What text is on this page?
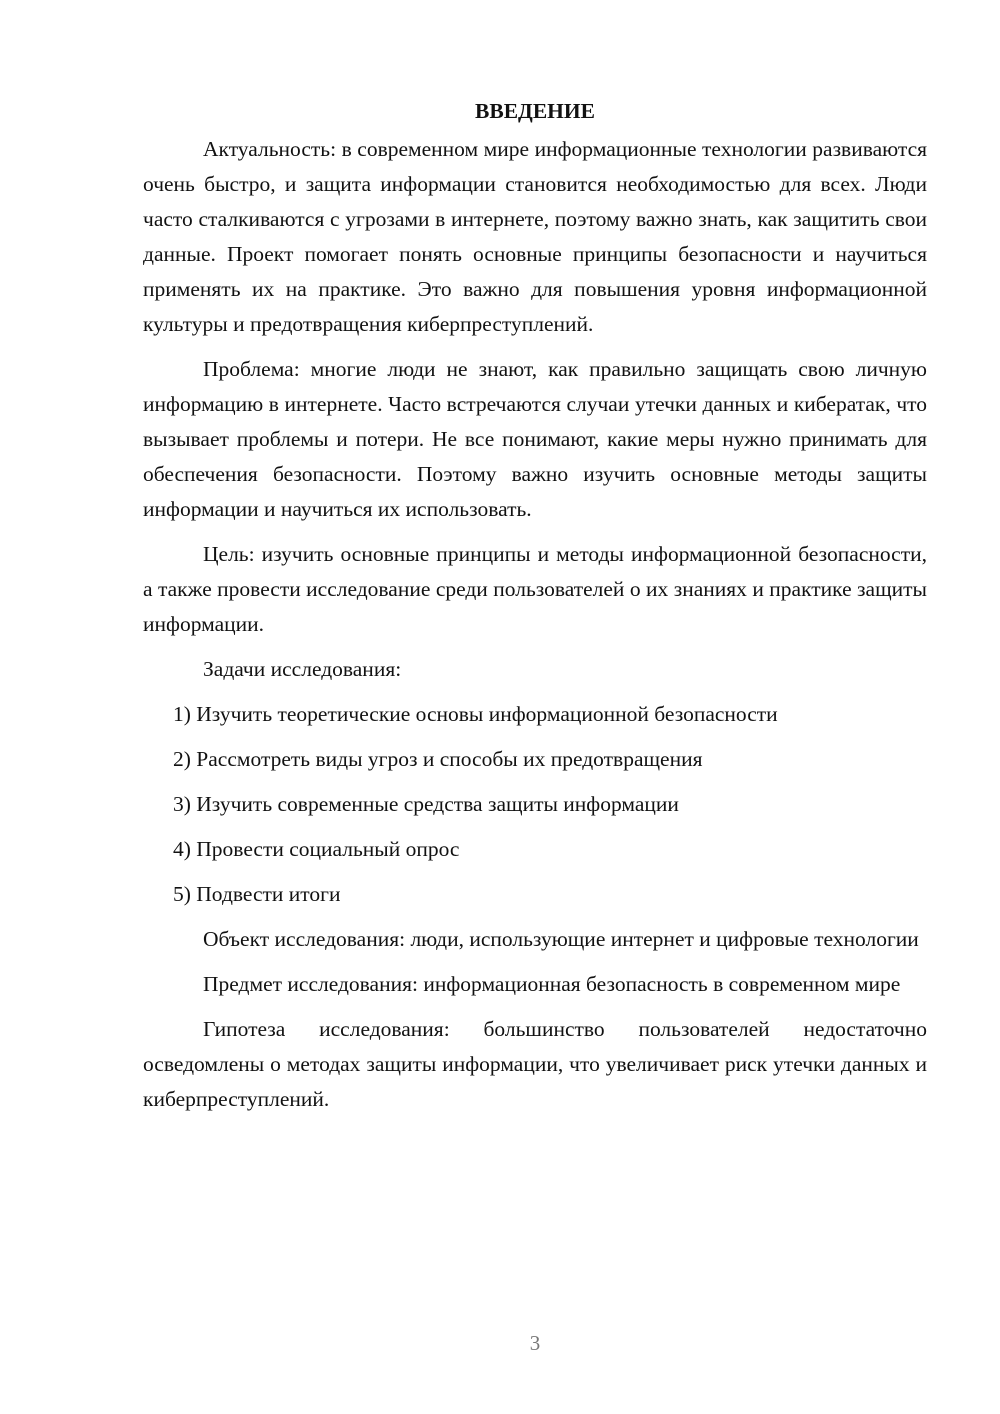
ВВЕДЕНИЕ

Актуальность: в современном мире информационные технологии развиваются очень быстро, и защита информации становится необходимостью для всех. Люди часто сталкиваются с угрозами в интернете, поэтому важно знать, как защитить свои данные. Проект помогает понять основные принципы безопасности и научиться применять их на практике. Это важно для повышения уровня информационной культуры и предотвращения киберпреступлений.

Проблема: многие люди не знают, как правильно защищать свою личную информацию в интернете. Часто встречаются случаи утечки данных и кибератак, что вызывает проблемы и потери. Не все понимают, какие меры нужно принимать для обеспечения безопасности. Поэтому важно изучить основные методы защиты информации и научиться их использовать.

Цель: изучить основные принципы и методы информационной безопасности, а также провести исследование среди пользователей о их знаниях и практике защиты информации.

Задачи исследования:
1) Изучить теоретические основы информационной безопасности
2) Рассмотреть виды угроз и способы их предотвращения
3) Изучить современные средства защиты информации
4) Провести социальный опрос
5) Подвести итоги

Объект исследования: люди, использующие интернет и цифровые технологии

Предмет исследования: информационная безопасность в современном мире

Гипотеза исследования: большинство пользователей недостаточно осведомлены о методах защиты информации, что увеличивает риск утечки данных и киберпреступлений.

3
